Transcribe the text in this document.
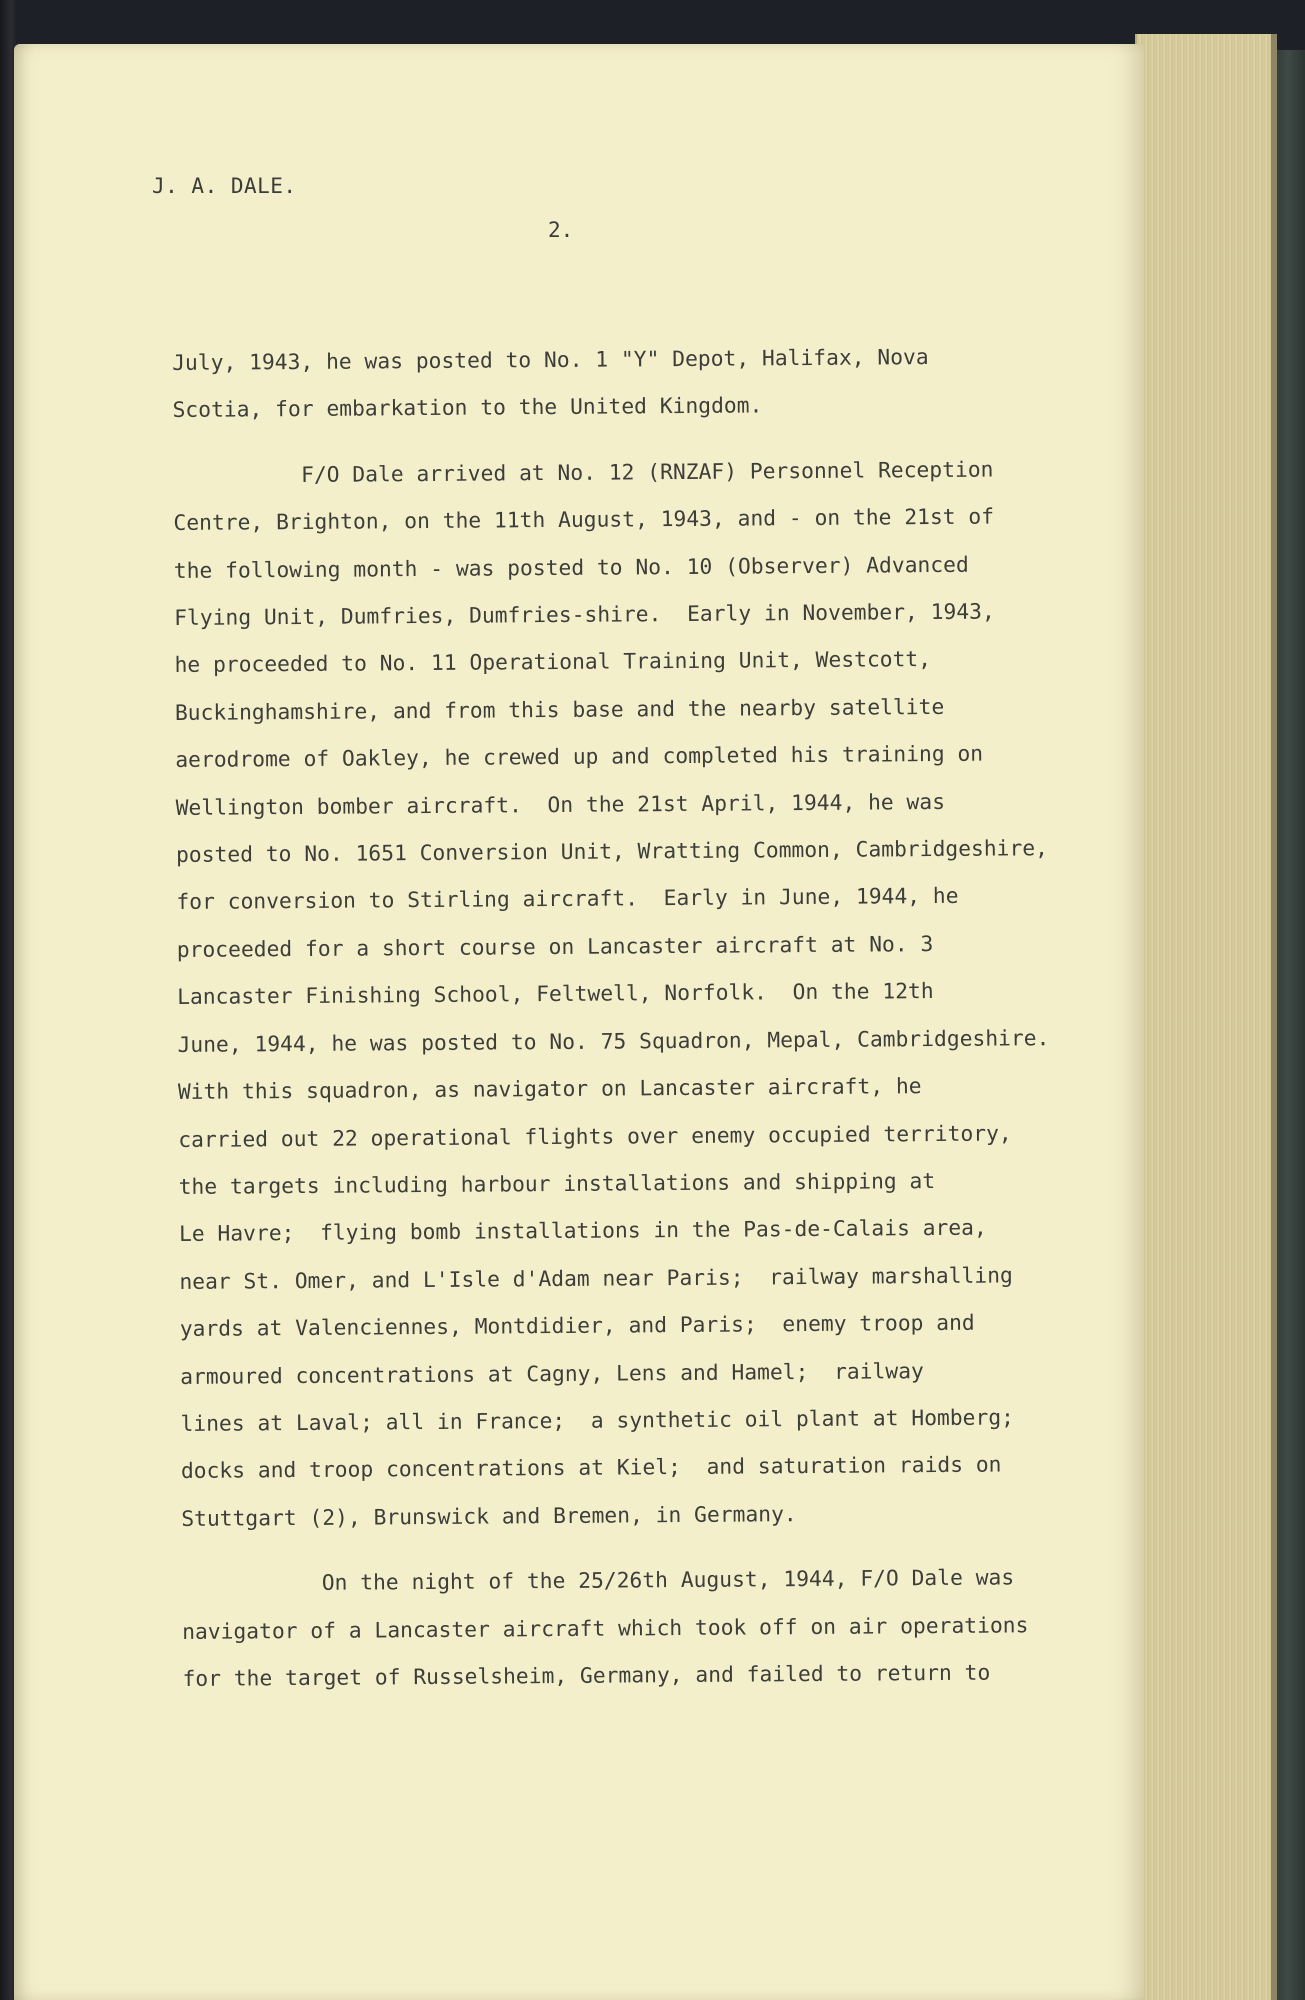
J. A. DALE.
2.

July, 1943, he was posted to No. 1 "Y" Depot, Halifax, Nova
Scotia, for embarkation to the United Kingdom.

F/O Dale arrived at No. 12 (RNZAF) Personnel Reception
Centre, Brighton, on the 11th August, 1943, and - on the 21st of
the following month - was posted to No. 10 (Observer) Advanced
Flying Unit, Dumfries, Dumfries-shire.  Early in November, 1943,
he proceeded to No. 11 Operational Training Unit, Westcott,
Buckinghamshire, and from this base and the nearby satellite
aerodrome of Oakley, he crewed up and completed his training on
Wellington bomber aircraft.  On the 21st April, 1944, he was
posted to No. 1651 Conversion Unit, Wratting Common, Cambridgeshire,
for conversion to Stirling aircraft.  Early in June, 1944, he
proceeded for a short course on Lancaster aircraft at No. 3
Lancaster Finishing School, Feltwell, Norfolk.  On the 12th
June, 1944, he was posted to No. 75 Squadron, Mepal, Cambridgeshire.
With this squadron, as navigator on Lancaster aircraft, he
carried out 22 operational flights over enemy occupied territory,
the targets including harbour installations and shipping at
Le Havre;  flying bomb installations in the Pas-de-Calais area,
near St. Omer, and L'Isle d'Adam near Paris;  railway marshalling
yards at Valenciennes, Montdidier, and Paris;  enemy troop and
armoured concentrations at Cagny, Lens and Hamel;  railway
lines at Laval; all in France;  a synthetic oil plant at Homberg;
docks and troop concentrations at Kiel;  and saturation raids on
Stuttgart (2), Brunswick and Bremen, in Germany.

On the night of the 25/26th August, 1944, F/O Dale was
navigator of a Lancaster aircraft which took off on air operations
for the target of Russelsheim, Germany, and failed to return to
